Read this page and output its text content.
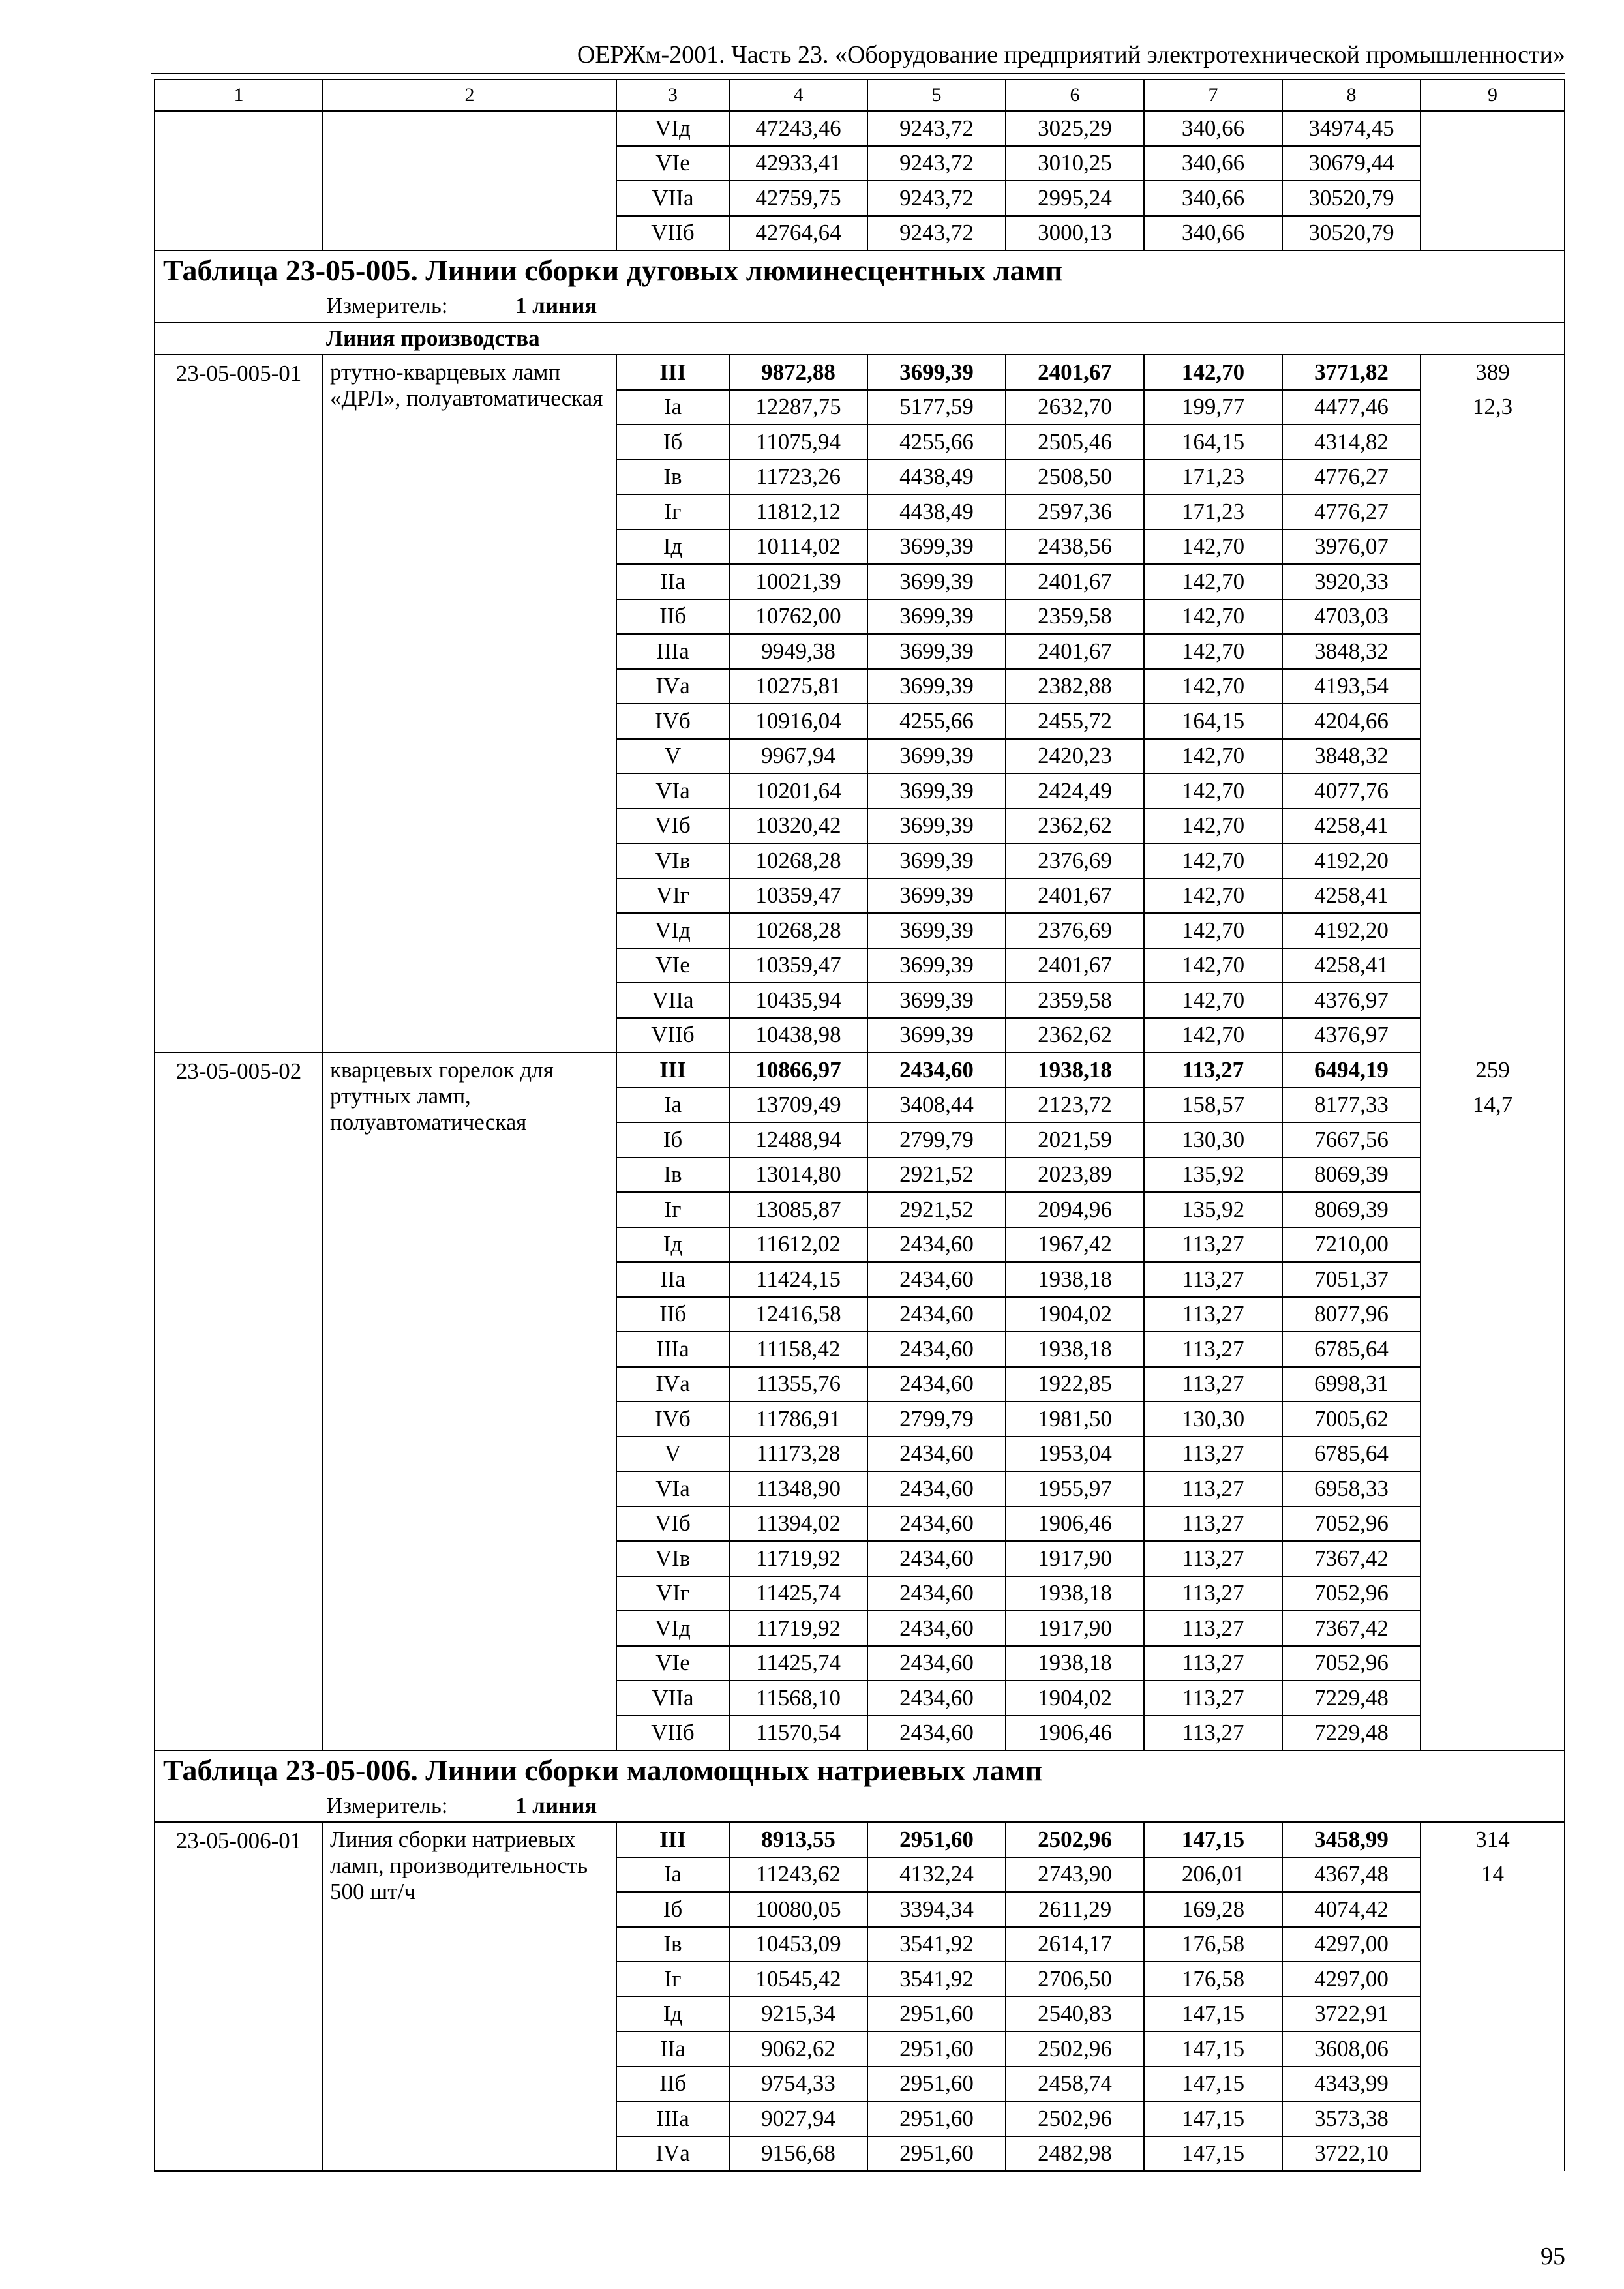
ОЕРЖм-2001. Часть 23. «Оборудование предприятий электротехнической промышленности»
1	2	3	4	5	6	7	8	9
		VIд	47243,46	9243,72	3025,29	340,66	34974,45	
		VIе	42933,41	9243,72	3010,25	340,66	30679,44	
		VIIа	42759,75	9243,72	2995,24	340,66	30520,79	
		VIIб	42764,64	9243,72	3000,13	340,66	30520,79	
Таблица 23-05-005. Линии сборки дуговых люминесцентных ламп								
Измеритель: 1 линия								
Линия производства								
23-05-005-01	ртутно-кварцевых ламп «ДРЛ», полуавтоматическая	III	9872,88	3699,39	2401,67	142,70	3771,82	389
		Iа	12287,75	5177,59	2632,70	199,77	4477,46	12,3
		Iб	11075,94	4255,66	2505,46	164,15	4314,82	
		Iв	11723,26	4438,49	2508,50	171,23	4776,27	
		Iг	11812,12	4438,49	2597,36	171,23	4776,27	
		Iд	10114,02	3699,39	2438,56	142,70	3976,07	
		IIа	10021,39	3699,39	2401,67	142,70	3920,33	
		IIб	10762,00	3699,39	2359,58	142,70	4703,03	
		IIIа	9949,38	3699,39	2401,67	142,70	3848,32	
		IVа	10275,81	3699,39	2382,88	142,70	4193,54	
		IVб	10916,04	4255,66	2455,72	164,15	4204,66	
		V	9967,94	3699,39	2420,23	142,70	3848,32	
		VIа	10201,64	3699,39	2424,49	142,70	4077,76	
		VIб	10320,42	3699,39	2362,62	142,70	4258,41	
		VIв	10268,28	3699,39	2376,69	142,70	4192,20	
		VIг	10359,47	3699,39	2401,67	142,70	4258,41	
		VIд	10268,28	3699,39	2376,69	142,70	4192,20	
		VIе	10359,47	3699,39	2401,67	142,70	4258,41	
		VIIа	10435,94	3699,39	2359,58	142,70	4376,97	
		VIIб	10438,98	3699,39	2362,62	142,70	4376,97	
23-05-005-02	кварцевых горелок для ртутных ламп, полуавтоматическая	III	10866,97	2434,60	1938,18	113,27	6494,19	259
		Iа	13709,49	3408,44	2123,72	158,57	8177,33	14,7
		Iб	12488,94	2799,79	2021,59	130,30	7667,56	
		Iв	13014,80	2921,52	2023,89	135,92	8069,39	
		Iг	13085,87	2921,52	2094,96	135,92	8069,39	
		Iд	11612,02	2434,60	1967,42	113,27	7210,00	
		IIа	11424,15	2434,60	1938,18	113,27	7051,37	
		IIб	12416,58	2434,60	1904,02	113,27	8077,96	
		IIIа	11158,42	2434,60	1938,18	113,27	6785,64	
		IVа	11355,76	2434,60	1922,85	113,27	6998,31	
		IVб	11786,91	2799,79	1981,50	130,30	7005,62	
		V	11173,28	2434,60	1953,04	113,27	6785,64	
		VIа	11348,90	2434,60	1955,97	113,27	6958,33	
		VIб	11394,02	2434,60	1906,46	113,27	7052,96	
		VIв	11719,92	2434,60	1917,90	113,27	7367,42	
		VIг	11425,74	2434,60	1938,18	113,27	7052,96	
		VIд	11719,92	2434,60	1917,90	113,27	7367,42	
		VIе	11425,74	2434,60	1938,18	113,27	7052,96	
		VIIа	11568,10	2434,60	1904,02	113,27	7229,48	
		VIIб	11570,54	2434,60	1906,46	113,27	7229,48	
Таблица 23-05-006. Линии сборки маломощных натриевых ламп								
Измеритель: 1 линия								
23-05-006-01	Линия сборки натриевых ламп, производительность 500 шт/ч	III	8913,55	2951,60	2502,96	147,15	3458,99	314
		Iа	11243,62	4132,24	2743,90	206,01	4367,48	14
		Iб	10080,05	3394,34	2611,29	169,28	4074,42	
		Iв	10453,09	3541,92	2614,17	176,58	4297,00	
		Iг	10545,42	3541,92	2706,50	176,58	4297,00	
		Iд	9215,34	2951,60	2540,83	147,15	3722,91	
		IIа	9062,62	2951,60	2502,96	147,15	3608,06	
		IIб	9754,33	2951,60	2458,74	147,15	4343,99	
		IIIа	9027,94	2951,60	2502,96	147,15	3573,38	
		IVа	9156,68	2951,60	2482,98	147,15	3722,10	
95
